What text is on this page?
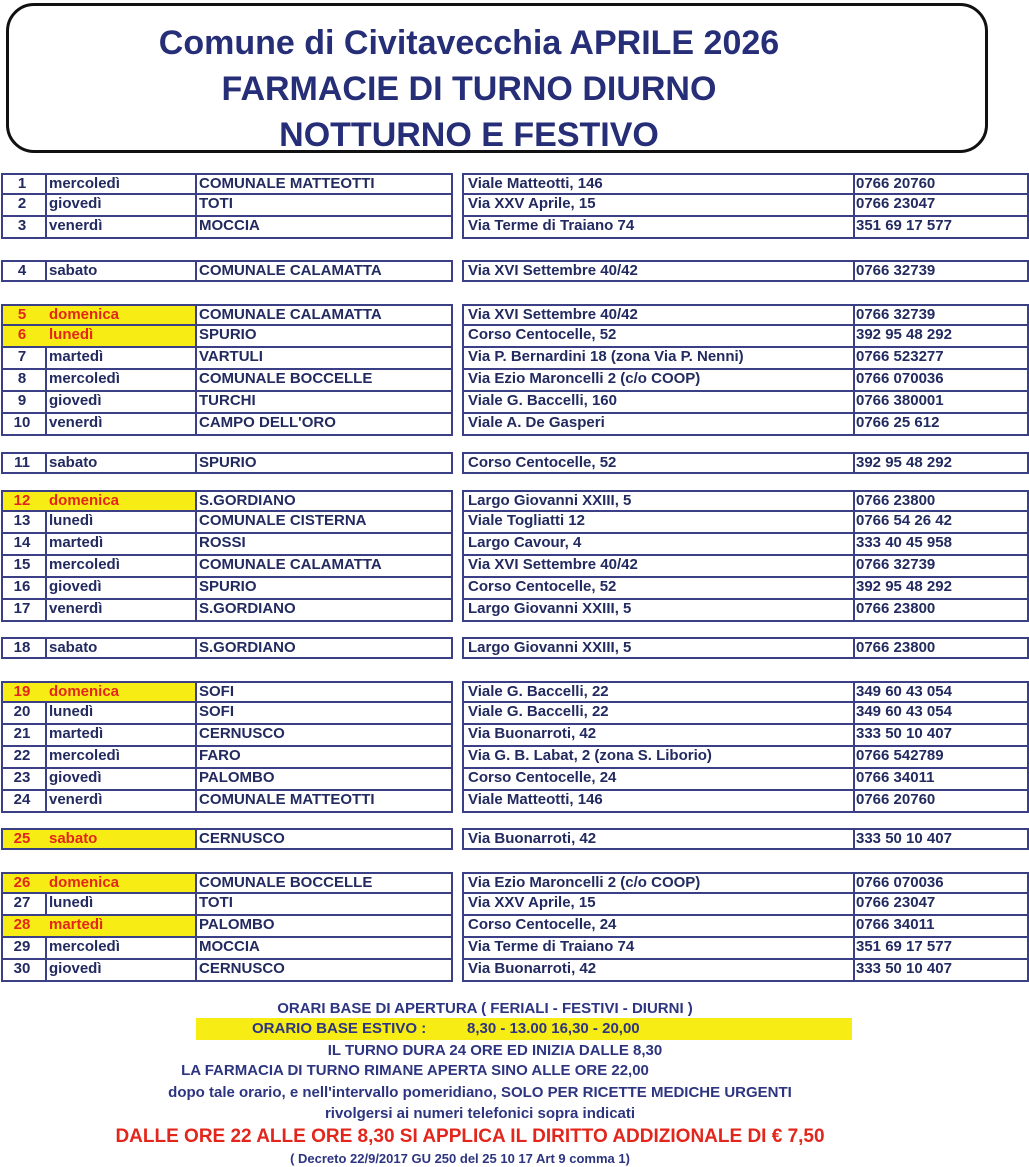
Comune di Civitavecchia APRILE 2026
FARMACIE DI TURNO DIURNO
NOTTURNO E FESTIVO
1	mercoledì	COMUNALE MATTEOTTI	Viale Matteotti, 146	0766 20760
2	giovedì	TOTI	Via XXV Aprile, 15	0766 23047
3	venerdì	MOCCIA	Via Terme di Traiano 74	351 69 17 577
4	sabato	COMUNALE CALAMATTA	Via XVI Settembre 40/42	0766 32739
5	domenica	COMUNALE CALAMATTA	Via XVI Settembre 40/42	0766 32739
6	lunedì	SPURIO	Corso Centocelle, 52	392 95 48 292
7	martedì	VARTULI	Via P. Bernardini 18 (zona Via P. Nenni)	0766 523277
8	mercoledì	COMUNALE BOCCELLE	Via Ezio Maroncelli 2 (c/o COOP)	0766 070036
9	giovedì	TURCHI	Viale G. Baccelli, 160	0766 380001
10	venerdì	CAMPO DELL'ORO	Viale A. De Gasperi	0766 25 612
11	sabato	SPURIO	Corso Centocelle, 52	392 95 48 292
12	domenica	S.GORDIANO	Largo Giovanni XXIII, 5	0766 23800
13	lunedì	COMUNALE CISTERNA	Viale Togliatti 12	0766 54 26 42
14	martedì	ROSSI	Largo Cavour, 4	333 40 45 958
15	mercoledì	COMUNALE CALAMATTA	Via XVI Settembre 40/42	0766 32739
16	giovedì	SPURIO	Corso Centocelle, 52	392 95 48 292
17	venerdì	S.GORDIANO	Largo Giovanni XXIII, 5	0766 23800
18	sabato	S.GORDIANO	Largo Giovanni XXIII, 5	0766 23800
19	domenica	SOFI	Viale G. Baccelli, 22	349 60 43 054
20	lunedì	SOFI	Viale G. Baccelli, 22	349 60 43 054
21	martedì	CERNUSCO	Via Buonarroti, 42	333 50 10 407
22	mercoledì	FARO	Via G. B. Labat, 2 (zona S. Liborio)	0766 542789
23	giovedì	PALOMBO	Corso Centocelle, 24	0766 34011
24	venerdì	COMUNALE MATTEOTTI	Viale Matteotti, 146	0766 20760
25	sabato	CERNUSCO	Via Buonarroti, 42	333 50 10 407
26	domenica	COMUNALE BOCCELLE	Via Ezio Maroncelli 2 (c/o COOP)	0766 070036
27	lunedì	TOTI	Via XXV Aprile, 15	0766 23047
28	martedì	PALOMBO	Corso Centocelle, 24	0766 34011
29	mercoledì	MOCCIA	Via Terme di Traiano 74	351 69 17 577
30	giovedì	CERNUSCO	Via Buonarroti, 42	333 50 10 407
ORARI BASE DI APERTURA ( FERIALI - FESTIVI - DIURNI )
ORARIO BASE ESTIVO :	8,30 - 13.00 16,30 - 20,00
IL TURNO DURA 24 ORE ED INIZIA DALLE 8,30
LA FARMACIA DI TURNO RIMANE APERTA SINO ALLE ORE 22,00
dopo tale orario, e nell'intervallo pomeridiano, SOLO PER RICETTE MEDICHE URGENTI
rivolgersi ai numeri telefonici sopra indicati
DALLE ORE 22 ALLE ORE 8,30 SI APPLICA IL DIRITTO ADDIZIONALE DI € 7,50
( Decreto 22/9/2017 GU 250 del 25 10 17 Art 9 comma 1)
